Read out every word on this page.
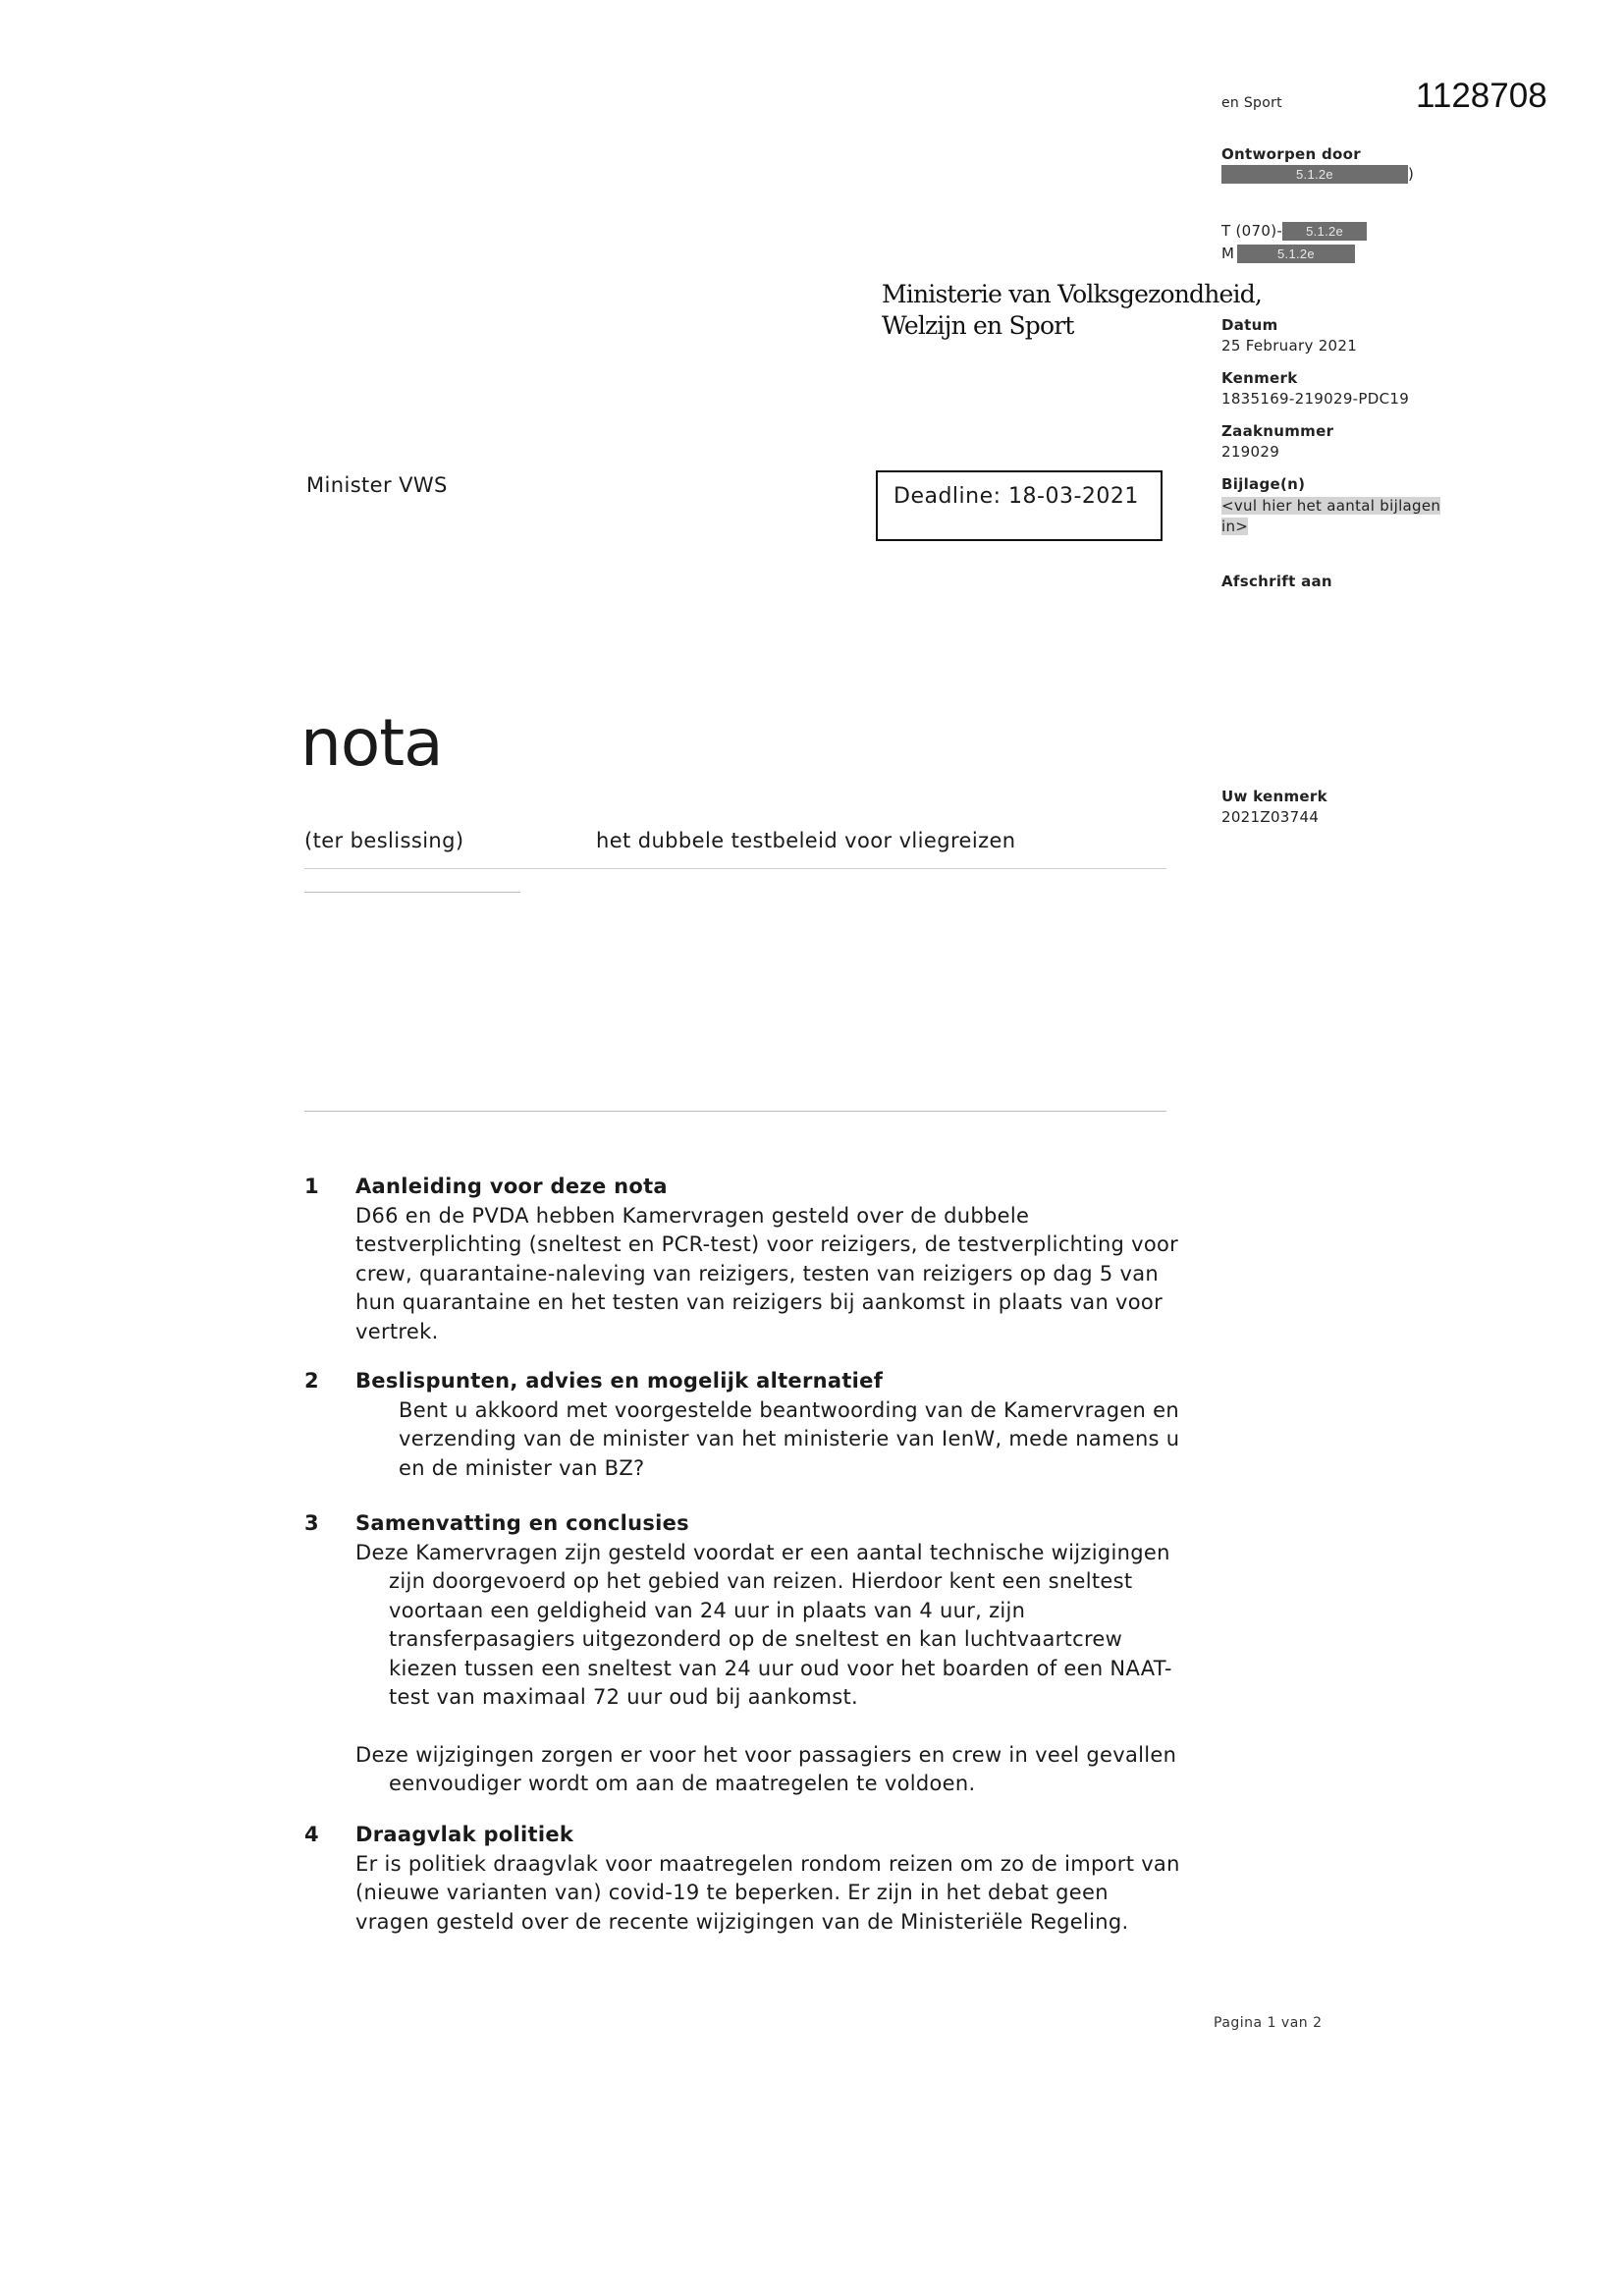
1128708
en Sport
Ontworpen door
5.1.2e	)
T (070)- 5.1.2e
M	5.1.2e
Ministerie van Volksgezondheid,
Welzijn en Sport	Datum
25 February 2021
Kenmerk
1835169-219029-PDC19
Zaaknummer
219029
Bijlage(n)
<vul hier het aantal bijlagen
in>
Afschrift aan
Uw kenmerk
2021Z03744
Minister VWS	Deadline: 18-03-2021
nota
(ter beslissing)	het dubbele testbeleid voor vliegreizen
1 Aanleiding voor deze nota
D66 en de PVDA hebben Kamervragen gesteld over de dubbele
testverplichting (sneltest en PCR-test) voor reizigers, de testverplichting voor
crew, quarantaine-naleving van reizigers, testen van reizigers op dag 5 van
hun quarantaine en het testen van reizigers bij aankomst in plaats van voor
vertrek.
2 Beslispunten, advies en mogelijk alternatief
Bent u akkoord met voorgestelde beantwoording van de Kamervragen en
verzending van de minister van het ministerie van IenW, mede namens u
en de minister van BZ?
3 Samenvatting en conclusies

Deze Kamervragen zijn gesteld voordat er een aantal technische wijzigingen zijn doorgevoerd op het gebied van reizen. Hierdoor kent een sneltest voortaan een geldigheid van 24 uur in plaats van 4 uur, zijn transferpasagiers uitgezonderd op de sneltest en kan luchtvaartcrew kiezen tussen een sneltest van 24 uur oud voor het boarden of een NAAT-test van maximaal 72 uur oud bij aankomst.

Deze wijzigingen zorgen er voor het voor passagiers en crew in veel gevallen eenvoudiger wordt om aan de maatregelen te voldoen.

4 Draagvlak politiek
Er is politiek draagvlak voor maatregelen rondom reizen om zo de import van
(nieuwe varianten van) covid-19 te beperken. Er zijn in het debat geen
vragen gesteld over de recente wijzigingen van de Ministeriële Regeling.
Pagina 1 van 2
